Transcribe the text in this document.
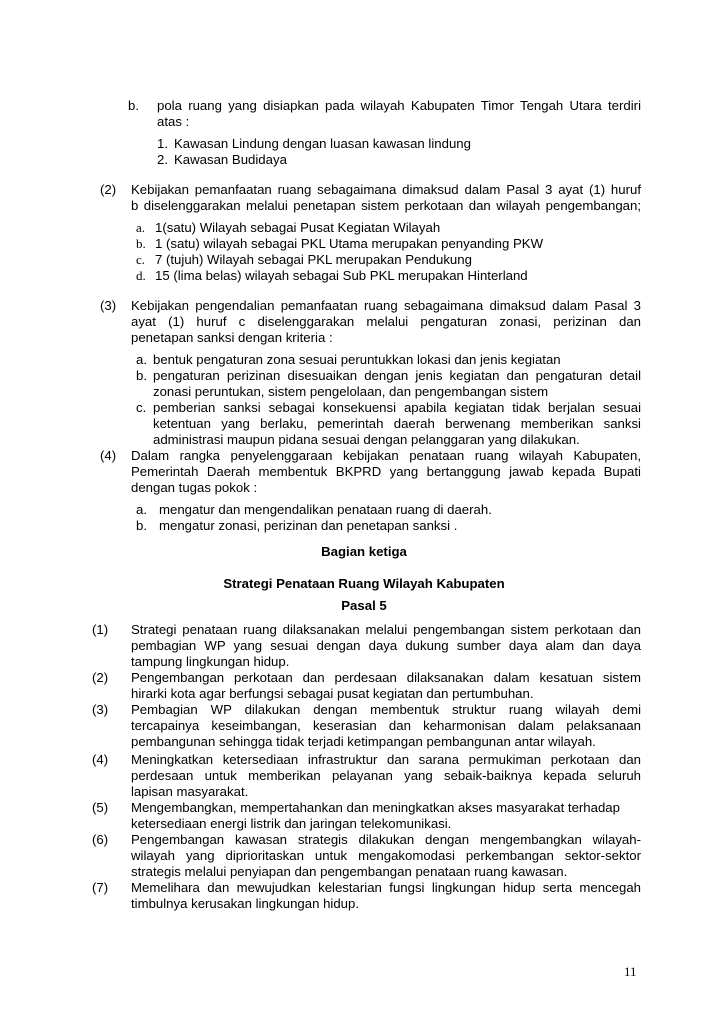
b. pola ruang yang disiapkan pada wilayah Kabupaten Timor Tengah Utara terdiri
atas :
1. Kawasan Lindung dengan luasan kawasan lindung
2. Kawasan Budidaya
(2) Kebijakan pemanfaatan ruang sebagaimana dimaksud dalam Pasal 3 ayat (1) huruf
b diselenggarakan melalui penetapan sistem perkotaan dan wilayah pengembangan;
a. 1(satu) Wilayah sebagai Pusat Kegiatan Wilayah
b. 1 (satu) wilayah sebagai PKL Utama merupakan penyanding PKW
c. 7 (tujuh) Wilayah sebagai PKL merupakan Pendukung
d. 15 (lima belas) wilayah sebagai Sub PKL merupakan Hinterland
(3) Kebijakan pengendalian pemanfaatan ruang sebagaimana dimaksud dalam Pasal 3
ayat (1) huruf c diselenggarakan melalui pengaturan zonasi, perizinan dan
penetapan sanksi dengan kriteria :
a. bentuk pengaturan zona sesuai peruntukkan lokasi dan jenis kegiatan
b. pengaturan perizinan disesuaikan dengan jenis kegiatan dan pengaturan detail
zonasi peruntukan, sistem pengelolaan, dan pengembangan sistem
c. pemberian sanksi sebagai konsekuensi apabila kegiatan tidak berjalan sesuai
ketentuan yang berlaku, pemerintah daerah berwenang memberikan sanksi
administrasi maupun pidana sesuai dengan pelanggaran yang dilakukan.
(4) Dalam rangka penyelenggaraan kebijakan penataan ruang wilayah Kabupaten,
Pemerintah Daerah membentuk BKPRD yang bertanggung jawab kepada Bupati
dengan tugas pokok :
a. mengatur dan mengendalikan penataan ruang di daerah.
b. mengatur zonasi, perizinan dan penetapan sanksi .
Bagian ketiga
Strategi Penataan Ruang Wilayah Kabupaten
Pasal 5
(1) Strategi penataan ruang dilaksanakan melalui pengembangan sistem perkotaan dan
pembagian WP yang sesuai dengan daya dukung sumber daya alam dan daya
tampung lingkungan hidup.
(2) Pengembangan perkotaan dan perdesaan dilaksanakan dalam kesatuan sistem
hirarki kota agar berfungsi sebagai pusat kegiatan dan pertumbuhan.
(3) Pembagian WP dilakukan dengan membentuk struktur ruang wilayah demi
tercapainya keseimbangan, keserasian dan keharmonisan dalam pelaksanaan
pembangunan sehingga tidak terjadi ketimpangan pembangunan antar wilayah.
(4) Meningkatkan ketersediaan infrastruktur dan sarana permukiman perkotaan dan
perdesaan untuk memberikan pelayanan yang sebaik-baiknya kepada seluruh
lapisan masyarakat.
(5) Mengembangkan, mempertahankan dan meningkatkan akses masyarakat terhadap
ketersediaan energi listrik dan jaringan telekomunikasi.
(6) Pengembangan kawasan strategis dilakukan dengan mengembangkan wilayah-
wilayah yang diprioritaskan untuk mengakomodasi perkembangan sektor-sektor
strategis melalui penyiapan dan pengembangan penataan ruang kawasan.
(7) Memelihara dan mewujudkan kelestarian fungsi lingkungan hidup serta mencegah
timbulnya kerusakan lingkungan hidup.
11
